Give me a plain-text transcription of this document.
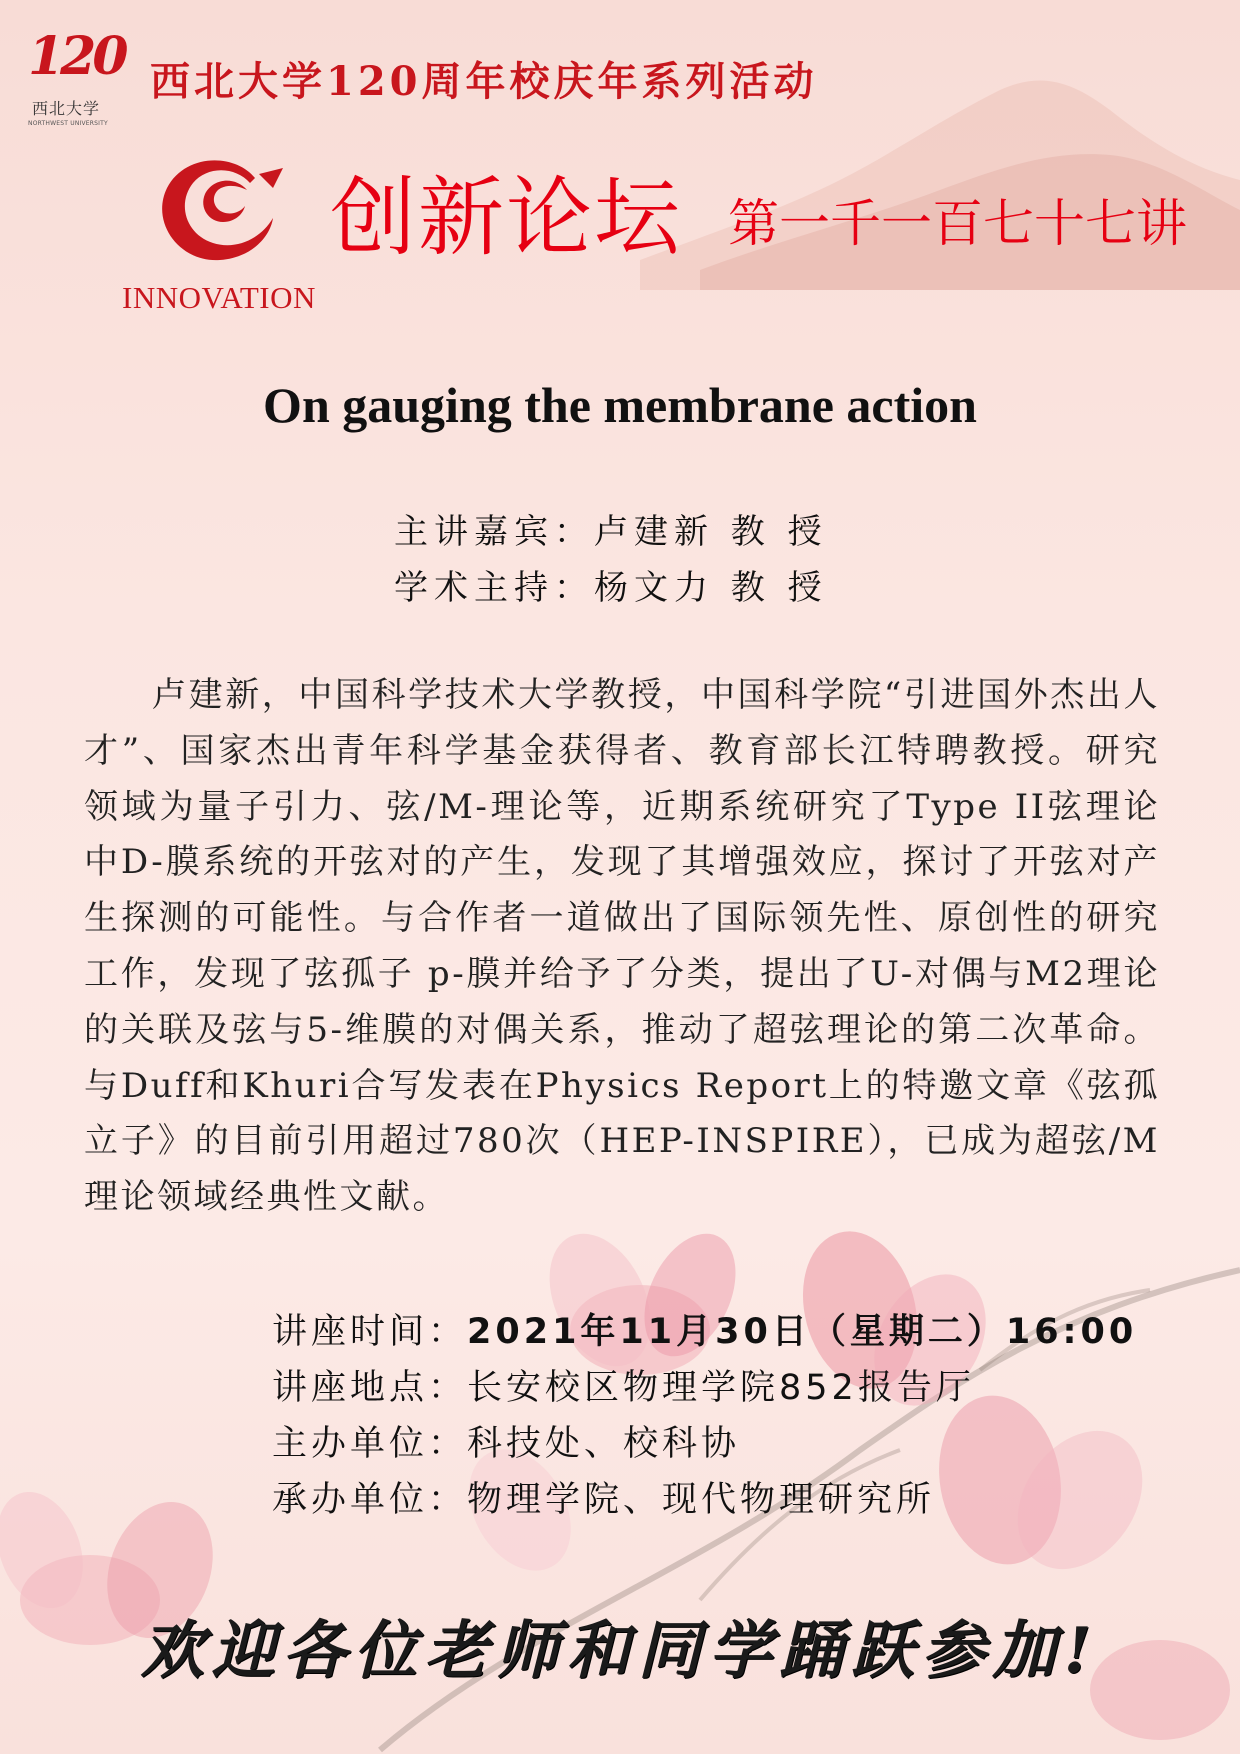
120
西北大学
NORTHWEST UNIVERSITY
西北大学120周年校庆年系列活动
INNOVATION
创新论坛 第一千一百七十七讲
On gauging the membrane action
主讲嘉宾：卢建新 教 授
学术主持：杨文力 教 授
卢建新，中国科学技术大学教授，中国科学院“引进国外杰出人才”、国家杰出青年科学基金获得者、教育部长江特聘教授。研究领域为量子引力、弦/M-理论等，近期系统研究了Type II弦理论中D-膜系统的开弦对的产生，发现了其增强效应，探讨了开弦对产生探测的可能性。与合作者一道做出了国际领先性、原创性的研究工作，发现了弦孤子 p-膜并给予了分类，提出了U-对偶与M2理论的关联及弦与5-维膜的对偶关系，推动了超弦理论的第二次革命。与Duff和Khuri合写发表在Physics Report上的特邀文章《弦孤立子》的目前引用超过780次（HEP-INSPIRE），已成为超弦/M理论领域经典性文献。
讲座时间：2021年11月30日（星期二）16:00
讲座地点：长安校区物理学院852报告厅
主办单位：科技处、校科协
承办单位：物理学院、现代物理研究所
欢迎各位老师和同学踊跃参加!
